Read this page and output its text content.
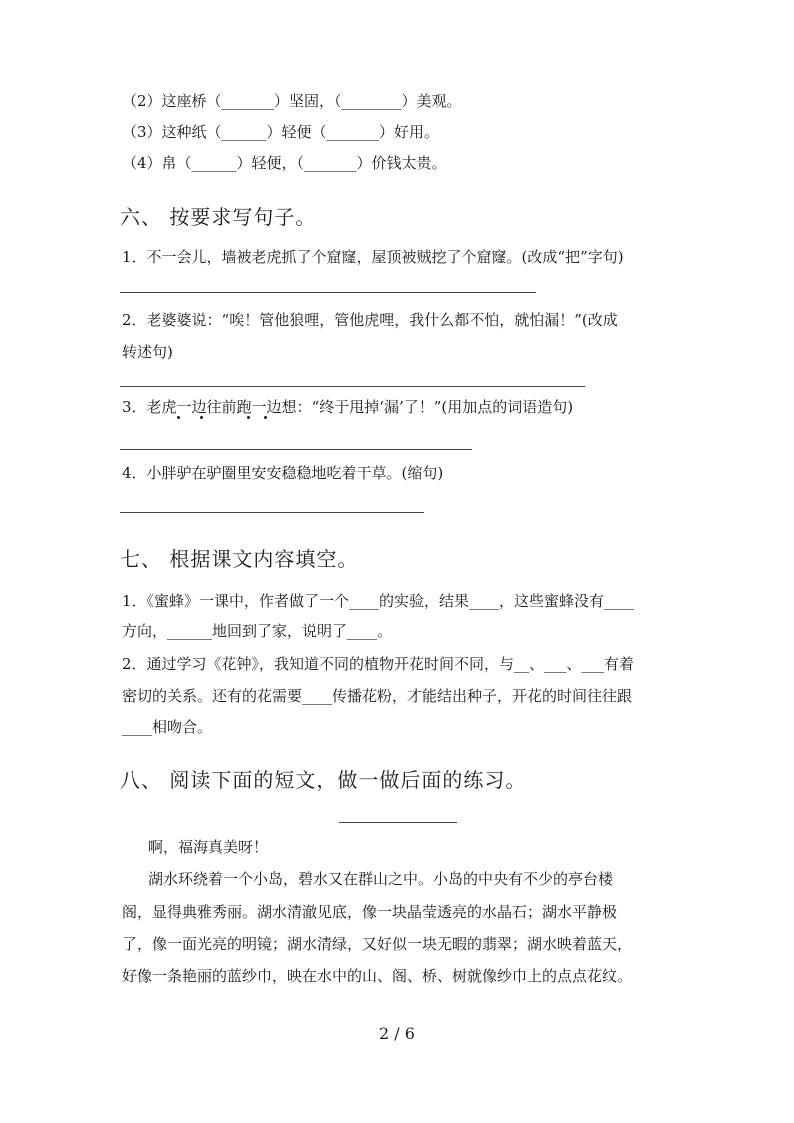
（2）这座桥（_______）坚固，（________）美观。
（3）这种纸（______）轻便（_______）好用。
（4）帛（______）轻便，（_______）价钱太贵。
六、 按要求写句子。
1．不一会儿，墙被老虎抓了个窟窿，屋顶被贼挖了个窟窿。(改成“把”字句)
2．老婆婆说：“唉！管他狼哩，管他虎哩，我什么都不怕，就怕漏！”(改成
转述句)
3．老虎一边往前跑一边想：“终于甩掉‘漏’了！”(用加点的词语造句)
4．小胖驴在驴圈里安安稳稳地吃着干草。(缩句)
七、 根据课文内容填空。
1．《蜜蜂》一课中，作者做了一个____的实验，结果____，这些蜜蜂没有____
方向，______地回到了家，说明了____。
2．通过学习《花钟》，我知道不同的植物开花时间不同，与__、___、___有着
密切的关系。还有的花需要____传播花粉，才能结出种子，开花的时间往往跟
____相吻合。
八、 阅读下面的短文，做一做后面的练习。
啊，福海真美呀！
湖水环绕着一个小岛，碧水又在群山之中。小岛的中央有不少的亭台楼
阁，显得典雅秀丽。湖水清澈见底，像一块晶莹透亮的水晶石；湖水平静极
了，像一面光亮的明镜；湖水清绿，又好似一块无暇的翡翠；湖水映着蓝天，
好像一条艳丽的蓝纱巾，映在水中的山、阁、桥、树就像纱巾上的点点花纹。
2 / 6
